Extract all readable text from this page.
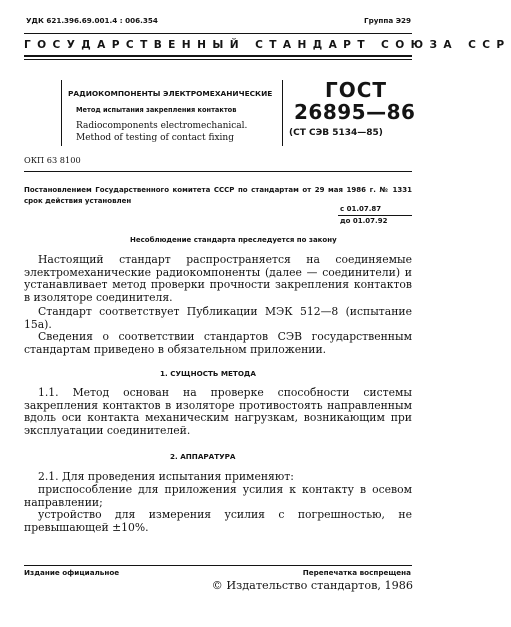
УДК 621.396.69.001.4 : 006.354	Группа Э29
ГОСУДАРСТВЕННЫЙ СТАНДАРТ СОЮЗА ССР
РАДИОКОМПОНЕНТЫ ЭЛЕКТРОМЕХАНИЧЕСКИЕ
Метод испытания закрепления контактов
Radiocomponents electromechanical.
Method of testing of contact fixing
ГОСТ
26895—86
(СТ СЭВ 5134—85)
ОКП 63 8100
Постановлением Государственного комитета СССР по стандартам от 29 мая 1986 г. № 1331 срок действия установлен
с 01.07.87
до 01.07.92
Несоблюдение стандарта преследуется по закону
Настоящий стандарт распространяется на соединяемые электромеханические радиокомпоненты (далее — соединители) и устанавливает метод проверки прочности закрепления контактов в изоляторе соединителя.
Стандарт соответствует Публикации МЭК 512—8 (испытание 15а).
Сведения о соответствии стандартов СЭВ государственным стандартам приведено в обязательном приложении.
1. СУЩНОСТЬ МЕТОДА
1.1. Метод основан на проверке способности системы закрепления контактов в изоляторе противостоять направленным вдоль оси контакта механическим нагрузкам, возникающим при эксплуатации соединителей.
2. АППАРАТУРА
2.1. Для проведения испытания применяют:
приспособление для приложения усилия к контакту в осевом направлении;
устройство для измерения усилия с погрешностью, не превышающей ±10%.
Издание официальное	Перепечатка воспрещена
© Издательство стандартов, 1986
